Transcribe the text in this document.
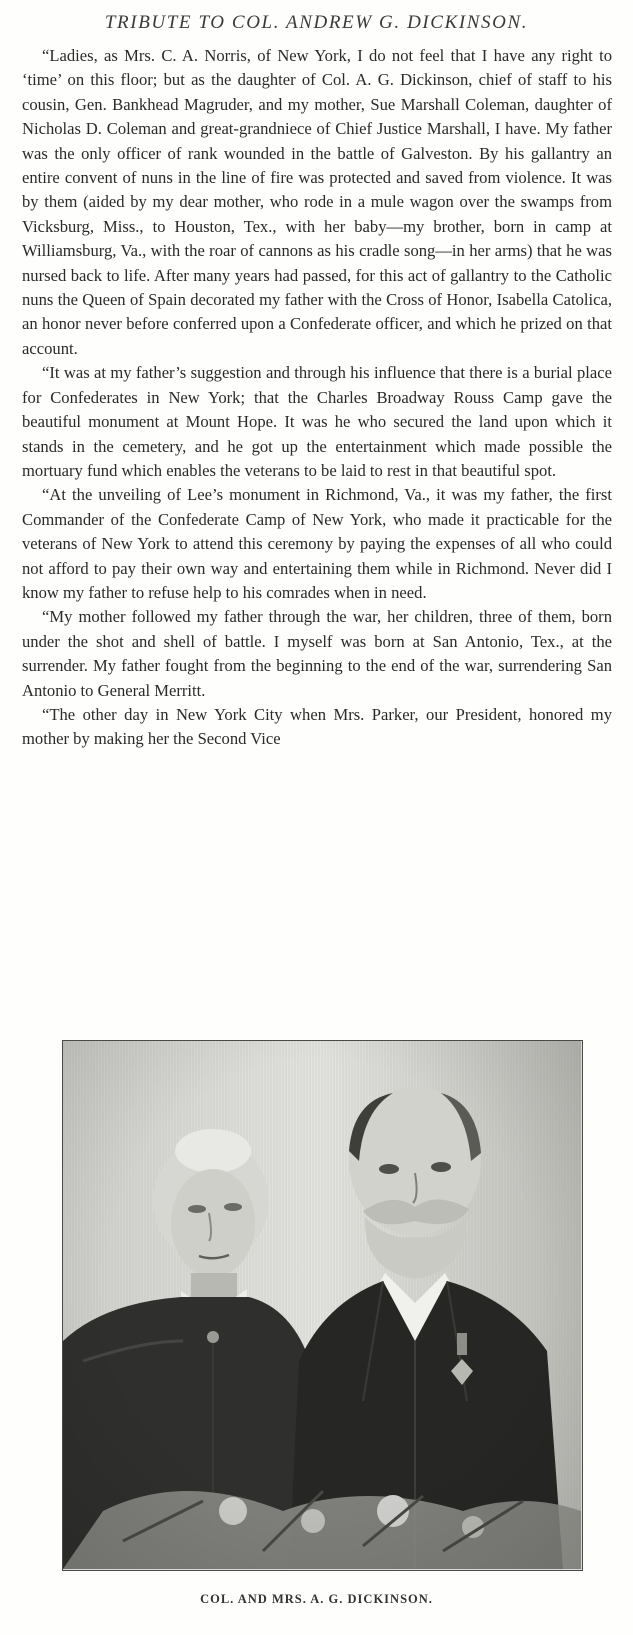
TRIBUTE TO COL. ANDREW G. DICKINSON.

“Ladies, as Mrs. C. A. Norris, of New York, I do not feel that I have any right to ‘time’ on this floor; but as the daughter of Col. A. G. Dickinson, chief of staff to his cousin, Gen. Bankhead Magruder, and my mother, Sue Marshall Coleman, daughter of Nicholas D. Coleman and great-grandniece of Chief Justice Marshall, I have. My father was the only officer of rank wounded in the battle of Galveston. By his gallantry an entire convent of nuns in the line of fire was protected and saved from violence. It was by them (aided by my dear mother, who rode in a mule wagon over the swamps from Vicksburg, Miss., to Houston, Tex., with her baby—my brother, born in camp at Williamsburg, Va., with the roar of cannons as his cradle song—in her arms) that he was nursed back to life. After many years had passed, for this act of gallantry to the Catholic nuns the Queen of Spain decorated my father with the Cross of Honor, Isabella Catolica, an honor never before conferred upon a Confederate officer, and which he prized on that account.

“It was at my father’s suggestion and through his influence that there is a burial place for Confederates in New York; that the Charles Broadway Rouss Camp gave the beautiful monument at Mount Hope. It was he who secured the land upon which it stands in the cemetery, and he got up the entertainment which made possible the mortuary fund which enables the veterans to be laid to rest in that beautiful spot.

“At the unveiling of Lee’s monument in Richmond, Va., it was my father, the first Commander of the Confederate Camp of New York, who made it practicable for the veterans of New York to attend this ceremony by paying the expenses of all who could not afford to pay their own way and entertaining them while in Richmond. Never did I know my father to refuse help to his comrades when in need.

“My mother followed my father through the war, her children, three of them, born under the shot and shell of battle. I myself was born at San Antonio, Tex., at the surrender. My father fought from the beginning to the end of the war, surrendering San Antonio to General Merritt.

“The other day in New York City when Mrs. Parker, our President, honored my mother by making her the Second Vice

COL. AND MRS. A. G. DICKINSON.
